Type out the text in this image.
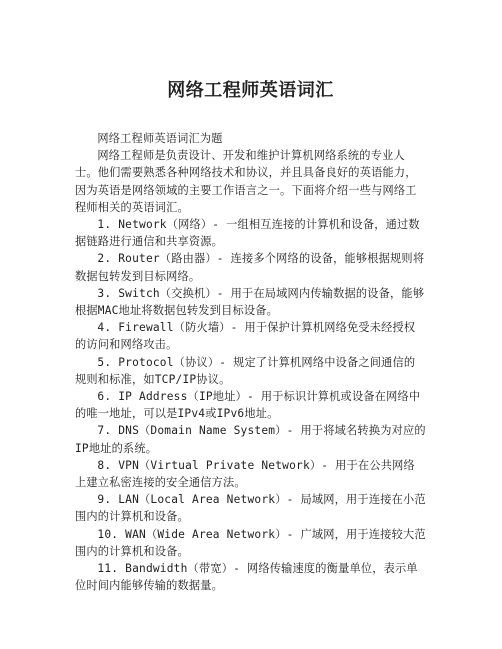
网络工程师英语词汇

网络工程师英语词汇为题

网络工程师是负责设计、开发和维护计算机网络系统的专业人士。他们需要熟悉各种网络技术和协议，并且具备良好的英语能力，因为英语是网络领域的主要工作语言之一。下面将介绍一些与网络工程师相关的英语词汇。

1. Network（网络）- 一组相互连接的计算机和设备，通过数据链路进行通信和共享资源。

2. Router（路由器）- 连接多个网络的设备，能够根据规则将数据包转发到目标网络。

3. Switch（交换机）- 用于在局域网内传输数据的设备，能够根据MAC地址将数据包转发到目标设备。

4. Firewall（防火墙）- 用于保护计算机网络免受未经授权的访问和网络攻击。

5. Protocol（协议）- 规定了计算机网络中设备之间通信的规则和标准，如TCP/IP协议。

6. IP Address（IP地址）- 用于标识计算机或设备在网络中的唯一地址，可以是IPv4或IPv6地址。

7. DNS（Domain Name System）- 用于将域名转换为对应的IP地址的系统。

8. VPN（Virtual Private Network）- 用于在公共网络上建立私密连接的安全通信方法。

9. LAN（Local Area Network）- 局域网，用于连接在小范围内的计算机和设备。

10. WAN（Wide Area Network）- 广域网，用于连接较大范围内的计算机和设备。

11. Bandwidth（带宽）- 网络传输速度的衡量单位，表示单位时间内能够传输的数据量。
